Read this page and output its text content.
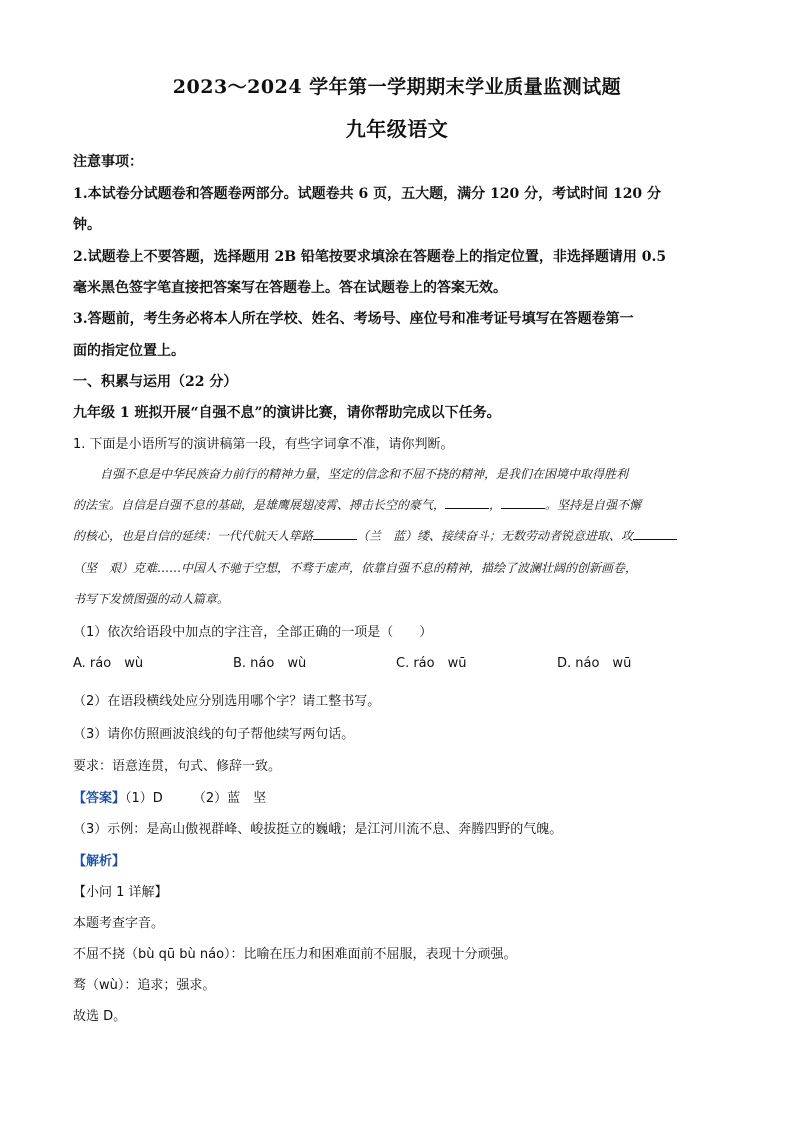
2023～2024 学年第一学期期末学业质量监测试题
九年级语文
注意事项：
1.本试卷分试题卷和答题卷两部分。试题卷共 6 页，五大题，满分 120 分，考试时间 120 分
钟。
2.试题卷上不要答题，选择题用 2B 铅笔按要求填涂在答题卷上的指定位置，非选择题请用 0.5
毫米黑色签字笔直接把答案写在答题卷上。答在试题卷上的答案无效。
3.答题前，考生务必将本人所在学校、姓名、考场号、座位号和准考证号填写在答题卷第一
面的指定位置上。
一、积累与运用（22 分）
九年级 1 班拟开展“自强不息”的演讲比赛，请你帮助完成以下任务。
1. 下面是小语所写的演讲稿第一段，有些字词拿不准，请你判断。
自强不息是中华民族奋力前行的精神力量，坚定的信念和不屈不挠的精神，是我们在困境中取得胜利
的法宝。自信是自强不息的基础，是雄鹰展翅凌霄、搏击长空的豪气，	，	。坚持是自强不懈
的核心，也是自信的延续：一代代航天人筚路	（兰　蓝）缕、接续奋斗；无数劳动者锐意进取、攻
（坚　艰）克难……中国人不驰于空想，不骛于虚声，依靠自强不息的精神，描绘了波澜壮阔的创新画卷，
书写下发愤图强的动人篇章。
（1）依次给语段中加点的字注音，全部正确的一项是（　　）
A. ráo　wù	B. náo　wù	C. ráo　wū	D. náo　wū
（2）在语段横线处应分别选用哪个字？请工整书写。
（3）请你仿照画波浪线的句子帮他续写两句话。
要求：语意连贯，句式、修辞一致。
【答案】（1）D （2）蓝　坚
（3）示例：是高山傲视群峰、峻拔挺立的巍峨；是江河川流不息、奔腾四野的气魄。
【解析】
【小问 1 详解】
本题考查字音。
不屈不挠（bù qū bù náo）：比喻在压力和困难面前不屈服，表现十分顽强。
骛（wù）：追求；强求。
故选 D。
